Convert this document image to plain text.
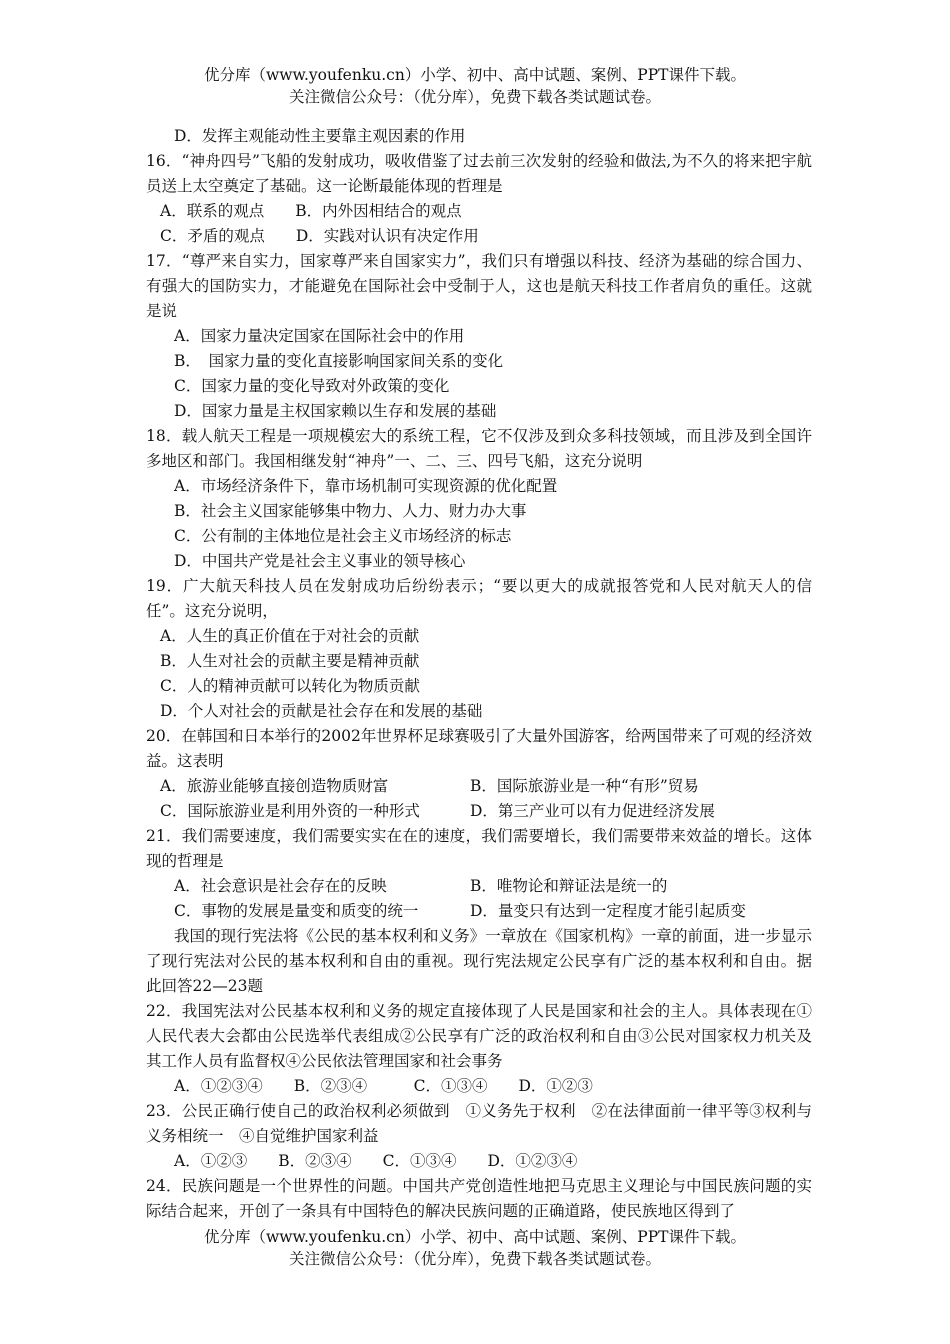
优分库（www.youfenku.cn）小学、初中、高中试题、案例、PPT课件下载。
关注微信公众号：（优分库），免费下载各类试题试卷。

D．发挥主观能动性主要靠主观因素的作用

16．“神舟四号”飞船的发射成功，吸收借鉴了过去前三次发射的经验和做法,为不久的将来把宇航员送上太空奠定了基础。这一论断最能体现的哲理是

A．联系的观点　　B．内外因相结合的观点

C．矛盾的观点　　D．实践对认识有决定作用

17．“尊严来自实力，国家尊严来自国家实力”，我们只有增强以科技、经济为基础的综合国力、有强大的国防实力，才能避免在国际社会中受制于人，这也是航天科技工作者肩负的重任。这就是说

A．国家力量决定国家在国际社会中的作用

B．　国家力量的变化直接影响国家间关系的变化

C．国家力量的变化导致对外政策的变化

D．国家力量是主权国家赖以生存和发展的基础

18．载人航天工程是一项规模宏大的系统工程，它不仅涉及到众多科技领域，而且涉及到全国许多地区和部门。我国相继发射“神舟”一、二、三、四号飞船，这充分说明

A．市场经济条件下，靠市场机制可实现资源的优化配置

B．社会主义国家能够集中物力、人力、财力办大事

C．公有制的主体地位是社会主义市场经济的标志

D．中国共产党是社会主义事业的领导核心

19．广大航天科技人员在发射成功后纷纷表示；“要以更大的成就报答党和人民对航天人的信任”。这充分说明，

A．人生的真正价值在于对社会的贡献

B．人生对社会的贡献主要是精神贡献

C．人的精神贡献可以转化为物质贡献

D．个人对社会的贡献是社会存在和发展的基础

20．在韩国和日本举行的2002年世界杯足球赛吸引了大量外国游客，给两国带来了可观的经济效益。这表明

A．旅游业能够直接创造物质财富	B．国际旅游业是一种“有形”贸易
C．国际旅游业是利用外资的一种形式	D．第三产业可以有力促进经济发展

21．我们需要速度，我们需要实实在在的速度，我们需要增长，我们需要带来效益的增长。这体现的哲理是

A．社会意识是社会存在的反映	B．唯物论和辩证法是统一的
C．事物的发展是量变和质变的统一	D．量变只有达到一定程度才能引起质变

我国的现行宪法将《公民的基本权利和义务》一章放在《国家机构》一章的前面，进一步显示了现行宪法对公民的基本权利和自由的重视。现行宪法规定公民享有广泛的基本权利和自由。据此回答22—23题

22．我国宪法对公民基本权利和义务的规定直接体现了人民是国家和社会的主人。具体表现在①人民代表大会都由公民选举代表组成②公民享有广泛的政治权利和自由③公民对国家权力机关及其工作人员有监督权④公民依法管理国家和社会事务

A．①②③④　　B．②③④　　　C．①③④　　D．①②③

23．公民正确行使自己的政治权利必须做到　①义务先于权利　②在法律面前一律平等③权利与义务相统一　④自觉维护国家利益

A．①②③　　B．②③④　　C．①③④　　D．①②③④

24．民族问题是一个世界性的问题。中国共产党创造性地把马克思主义理论与中国民族问题的实际结合起来，开创了一条具有中国特色的解决民族问题的正确道路，使民族地区得到了

优分库（www.youfenku.cn）小学、初中、高中试题、案例、PPT课件下载。
关注微信公众号：（优分库），免费下载各类试题试卷。
